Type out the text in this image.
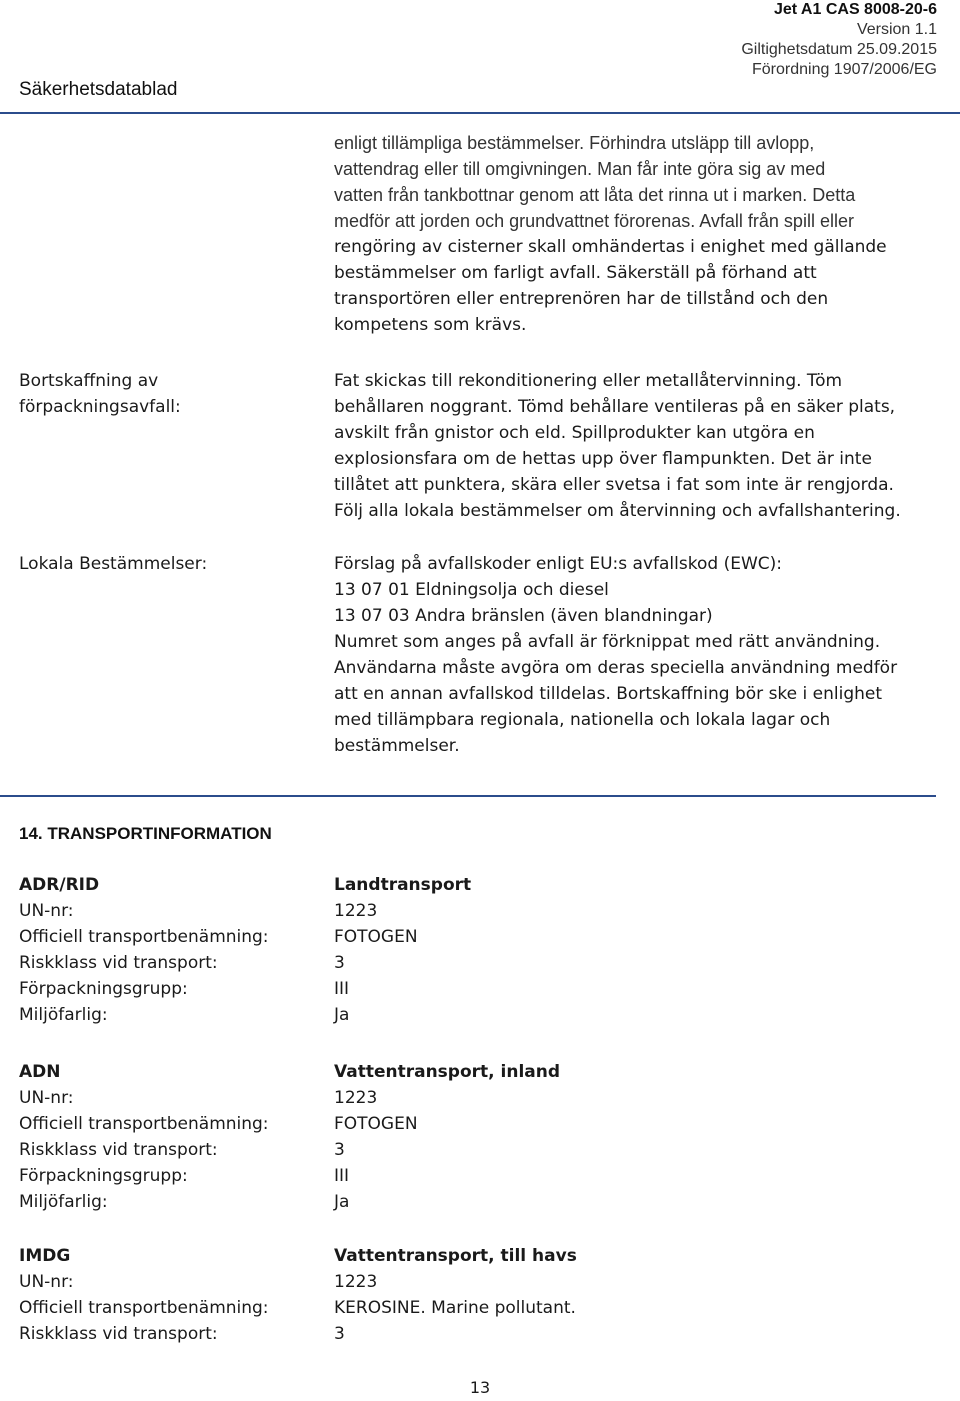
Säkerhetsdatablad
Jet A1 CAS 8008-20-6
Version 1.1
Giltighetsdatum 25.09.2015
Förordning 1907/2006/EG

enligt tillämpliga bestämmelser. Förhindra utsläpp till avlopp,

vattendrag eller till omgivningen. Man får inte göra sig av med

vatten från tankbottnar genom att låta det rinna ut i marken. Detta

medför att jorden och grundvattnet förorenas. Avfall från spill eller

rengöring av cisterner skall omhändertas i enighet med gällande

bestämmelser om farligt avfall. Säkerställ på förhand att

transportören eller entreprenören har de tillstånd och den

kompetens som krävs.

Bortskaffning av

förpackningsavfall:

Fat skickas till rekonditionering eller metallåtervinning. Töm

behållaren noggrant. Tömd behållare ventileras på en säker plats,

avskilt från gnistor och eld. Spillprodukter kan utgöra en

explosionsfara om de hettas upp över flampunkten. Det är inte

tillåtet att punktera, skära eller svetsa i fat som inte är rengjorda.

Följ alla lokala bestämmelser om återvinning och avfallshantering.

Lokala Bestämmelser:	Förslag på avfallskoder enligt EU:s avfallskod (EWC):

13 07 01 Eldningsolja och diesel

13 07 03 Andra bränslen (även blandningar)

Numret som anges på avfall är förknippat med rätt användning.

Användarna måste avgöra om deras speciella användning medför

att en annan avfallskod tilldelas. Bortskaffning bör ske i enlighet

med tillämpbara regionala, nationella och lokala lagar och

bestämmelser.

14. TRANSPORTINFORMATION
ADR/RID	Landtransport
UN-nr:	1223
Officiell transportbenämning:	FOTOGEN
Riskklass vid transport:	3
Förpackningsgrupp:	III
Miljöfarlig:	Ja
ADN	Vattentransport, inland
UN-nr:	1223
Officiell transportbenämning:	FOTOGEN
Riskklass vid transport:	3
Förpackningsgrupp:	III
Miljöfarlig:	Ja
IMDG	Vattentransport, till havs
UN-nr:	1223
Officiell transportbenämning:	KEROSINE. Marine pollutant.
Riskklass vid transport:	3
13
